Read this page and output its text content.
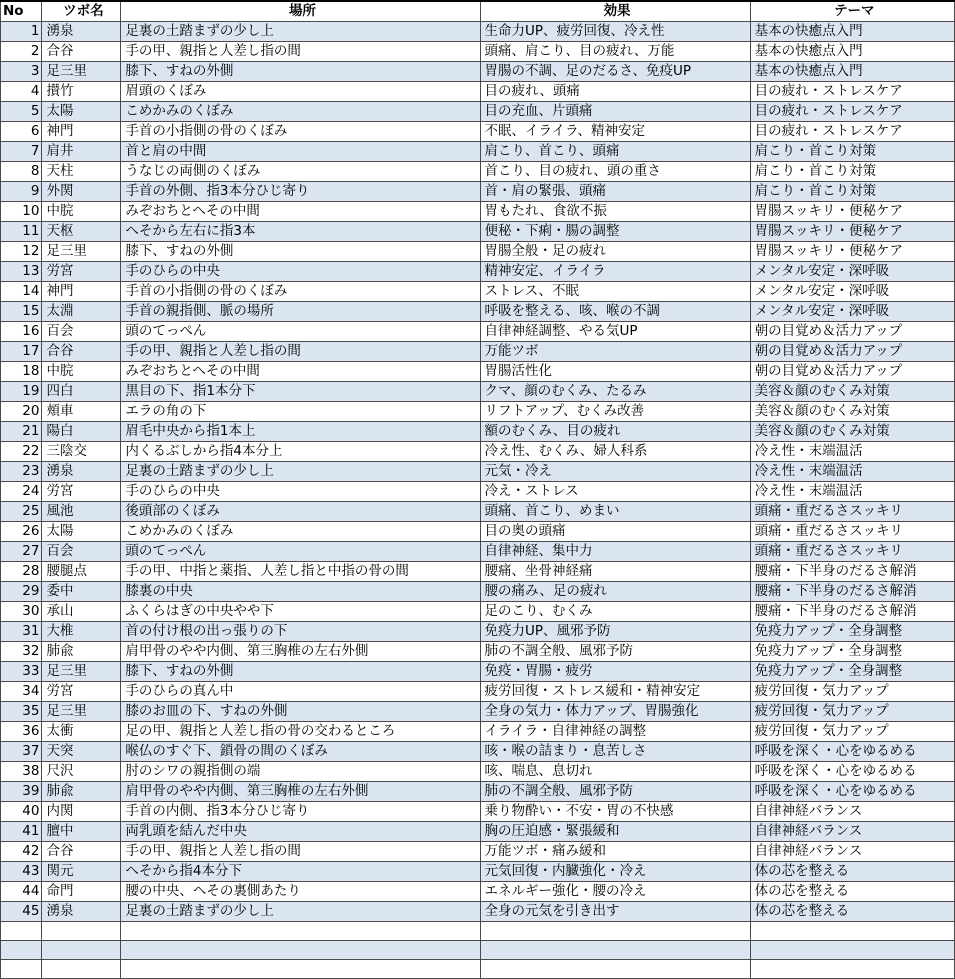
No	ツボ名	場所	効果	テーマ
1	湧泉	足裏の土踏まずの少し上	生命力UP、疲労回復、冷え性	基本の快癒点入門
2	合谷	手の甲、親指と人差し指の間	頭痛、肩こり、目の疲れ、万能	基本の快癒点入門
3	足三里	膝下、すねの外側	胃腸の不調、足のだるさ、免疫UP	基本の快癒点入門
4	攅竹	眉頭のくぼみ	目の疲れ、頭痛	目の疲れ・ストレスケア
5	太陽	こめかみのくぼみ	目の充血、片頭痛	目の疲れ・ストレスケア
6	神門	手首の小指側の骨のくぼみ	不眠、イライラ、精神安定	目の疲れ・ストレスケア
7	肩井	首と肩の中間	肩こり、首こり、頭痛	肩こり・首こり対策
8	天柱	うなじの両側のくぼみ	首こり、目の疲れ、頭の重さ	肩こり・首こり対策
9	外関	手首の外側、指3本分ひじ寄り	首・肩の緊張、頭痛	肩こり・首こり対策
10	中脘	みぞおちとへその中間	胃もたれ、食欲不振	胃腸スッキリ・便秘ケア
11	天枢	へそから左右に指3本	便秘・下痢・腸の調整	胃腸スッキリ・便秘ケア
12	足三里	膝下、すねの外側	胃腸全般・足の疲れ	胃腸スッキリ・便秘ケア
13	労宮	手のひらの中央	精神安定、イライラ	メンタル安定・深呼吸
14	神門	手首の小指側の骨のくぼみ	ストレス、不眠	メンタル安定・深呼吸
15	太淵	手首の親指側、脈の場所	呼吸を整える、咳、喉の不調	メンタル安定・深呼吸
16	百会	頭のてっぺん	自律神経調整、やる気UP	朝の目覚め＆活力アップ
17	合谷	手の甲、親指と人差し指の間	万能ツボ	朝の目覚め＆活力アップ
18	中脘	みぞおちとへその中間	胃腸活性化	朝の目覚め＆活力アップ
19	四白	黒目の下、指1本分下	クマ、顔のむくみ、たるみ	美容＆顔のむくみ対策
20	頬車	エラの角の下	リフトアップ、むくみ改善	美容＆顔のむくみ対策
21	陽白	眉毛中央から指1本上	額のむくみ、目の疲れ	美容＆顔のむくみ対策
22	三陰交	内くるぶしから指4本分上	冷え性、むくみ、婦人科系	冷え性・末端温活
23	湧泉	足裏の土踏まずの少し上	元気・冷え	冷え性・末端温活
24	労宮	手のひらの中央	冷え・ストレス	冷え性・末端温活
25	風池	後頭部のくぼみ	頭痛、首こり、めまい	頭痛・重だるさスッキリ
26	太陽	こめかみのくぼみ	目の奥の頭痛	頭痛・重だるさスッキリ
27	百会	頭のてっぺん	自律神経、集中力	頭痛・重だるさスッキリ
28	腰腿点	手の甲、中指と薬指、人差し指と中指の骨の間	腰痛、坐骨神経痛	腰痛・下半身のだるさ解消
29	委中	膝裏の中央	腰の痛み、足の疲れ	腰痛・下半身のだるさ解消
30	承山	ふくらはぎの中央やや下	足のこり、むくみ	腰痛・下半身のだるさ解消
31	大椎	首の付け根の出っ張りの下	免疫力UP、風邪予防	免疫力アップ・全身調整
32	肺兪	肩甲骨のやや内側、第三胸椎の左右外側	肺の不調全般、風邪予防	免疫力アップ・全身調整
33	足三里	膝下、すねの外側	免疫・胃腸・疲労	免疫力アップ・全身調整
34	労宮	手のひらの真ん中	疲労回復・ストレス緩和・精神安定	疲労回復・気力アップ
35	足三里	膝のお皿の下、すねの外側	全身の気力・体力アップ、胃腸強化	疲労回復・気力アップ
36	太衝	足の甲、親指と人差し指の骨の交わるところ	イライラ・自律神経の調整	疲労回復・気力アップ
37	天突	喉仏のすぐ下、鎖骨の間のくぼみ	咳・喉の詰まり・息苦しさ	呼吸を深く・心をゆるめる
38	尺沢	肘のシワの親指側の端	咳、喘息、息切れ	呼吸を深く・心をゆるめる
39	肺兪	肩甲骨のやや内側、第三胸椎の左右外側	肺の不調全般、風邪予防	呼吸を深く・心をゆるめる
40	内関	手首の内側、指3本分ひじ寄り	乗り物酔い・不安・胃の不快感	自律神経バランス
41	膻中	両乳頭を結んだ中央	胸の圧迫感・緊張緩和	自律神経バランス
42	合谷	手の甲、親指と人差し指の間	万能ツボ・痛み緩和	自律神経バランス
43	関元	へそから指4本分下	元気回復・内臓強化・冷え	体の芯を整える
44	命門	腰の中央、へその裏側あたり	エネルギー強化・腰の冷え	体の芯を整える
45	湧泉	足裏の土踏まずの少し上	全身の元気を引き出す	体の芯を整える
